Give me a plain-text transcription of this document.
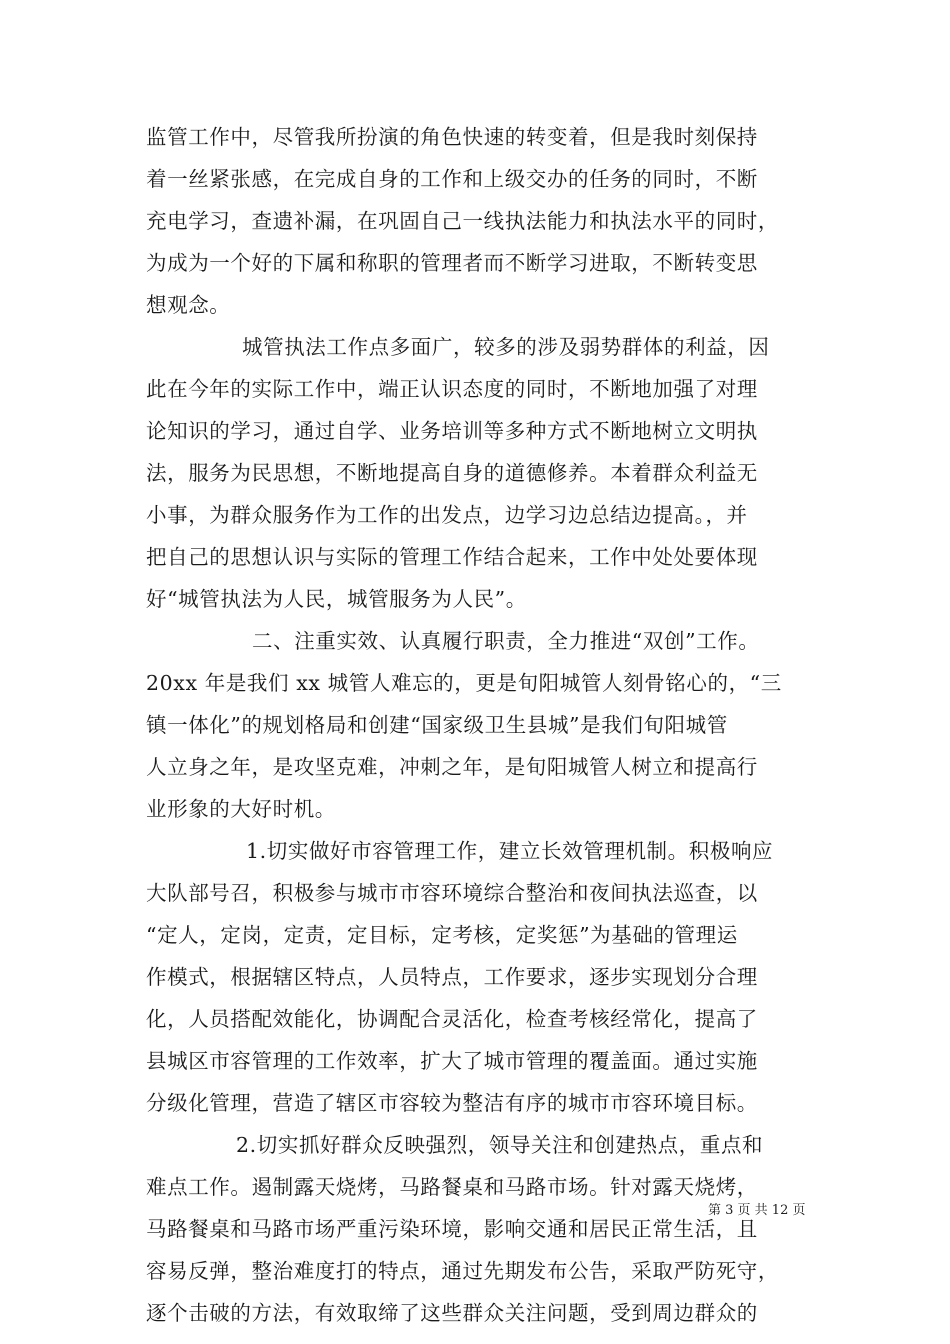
监管工作中，尽管我所扮演的角色快速的转变着，但是我时刻保持
着一丝紧张感，在完成自身的工作和上级交办的任务的同时，不断
充电学习，查遗补漏，在巩固自己一线执法能力和执法水平的同时，
为成为一个好的下属和称职的管理者而不断学习进取，不断转变思
想观念。
城管执法工作点多面广，较多的涉及弱势群体的利益，因
此在今年的实际工作中，端正认识态度的同时，不断地加强了对理
论知识的学习，通过自学、业务培训等多种方式不断地树立文明执
法，服务为民思想，不断地提高自身的道德修养。本着群众利益无
小事，为群众服务作为工作的出发点，边学习边总结边提高。，并
把自己的思想认识与实际的管理工作结合起来，工作中处处要体现
好“城管执法为人民，城管服务为人民”。
二、注重实效、认真履行职责，全力推进“双创”工作。
20xx 年是我们 xx 城管人难忘的，更是旬阳城管人刻骨铭心的，“三
镇一体化”的规划格局和创建“国家级卫生县城”是我们旬阳城管
人立身之年，是攻坚克难，冲刺之年，是旬阳城管人树立和提高行
业形象的大好时机。
1.切实做好市容管理工作，建立长效管理机制。积极响应
大队部号召，积极参与城市市容环境综合整治和夜间执法巡查，以
“定人，定岗，定责，定目标，定考核，定奖惩”为基础的管理运
作模式，根据辖区特点，人员特点，工作要求，逐步实现划分合理
化，人员搭配效能化，协调配合灵活化，检查考核经常化，提高了
县城区市容管理的工作效率，扩大了城市管理的覆盖面。通过实施
分级化管理，营造了辖区市容较为整洁有序的城市市容环境目标。
2.切实抓好群众反映强烈，领导关注和创建热点，重点和
难点工作。遏制露天烧烤，马路餐桌和马路市场。针对露天烧烤，
马路餐桌和马路市场严重污染环境，影响交通和居民正常生活，且
容易反弹，整治难度打的特点，通过先期发布公告，采取严防死守，
逐个击破的方法，有效取缔了这些群众关注问题，受到周边群众的
第 3 页 共 12 页
